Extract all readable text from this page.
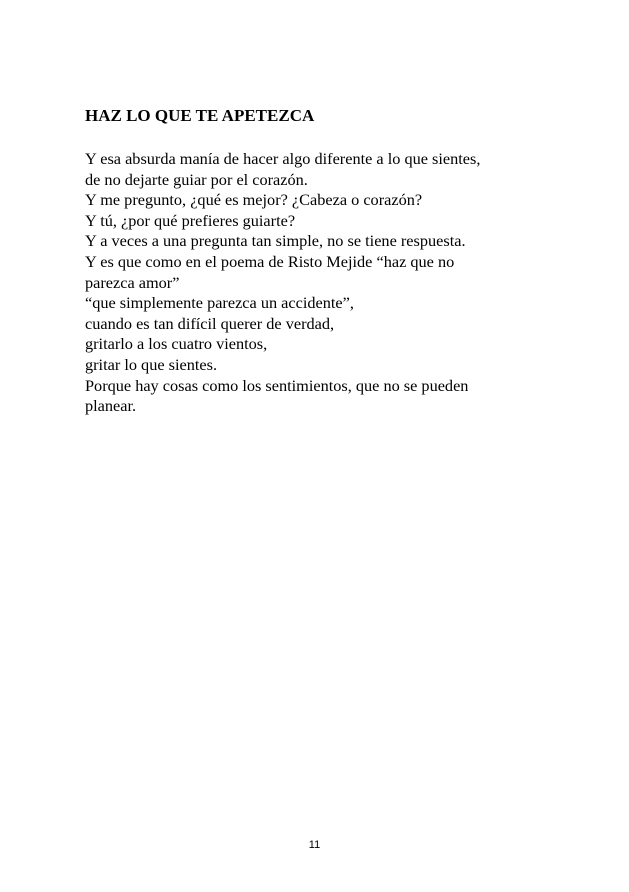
HAZ LO QUE TE APETEZCA
Y esa absurda manía de hacer algo diferente a lo que sientes,
de no dejarte guiar por el corazón.
Y me pregunto, ¿qué es mejor? ¿Cabeza o corazón?
Y tú, ¿por qué prefieres guiarte?
Y a veces a una pregunta tan simple, no se tiene respuesta.
Y es que como en el poema de Risto Mejide “haz que no
parezca amor”
“que simplemente parezca un accidente”,
cuando es tan difícil querer de verdad,
gritarlo a los cuatro vientos,
gritar lo que sientes.
Porque hay cosas como los sentimientos, que no se pueden
planear.
11
